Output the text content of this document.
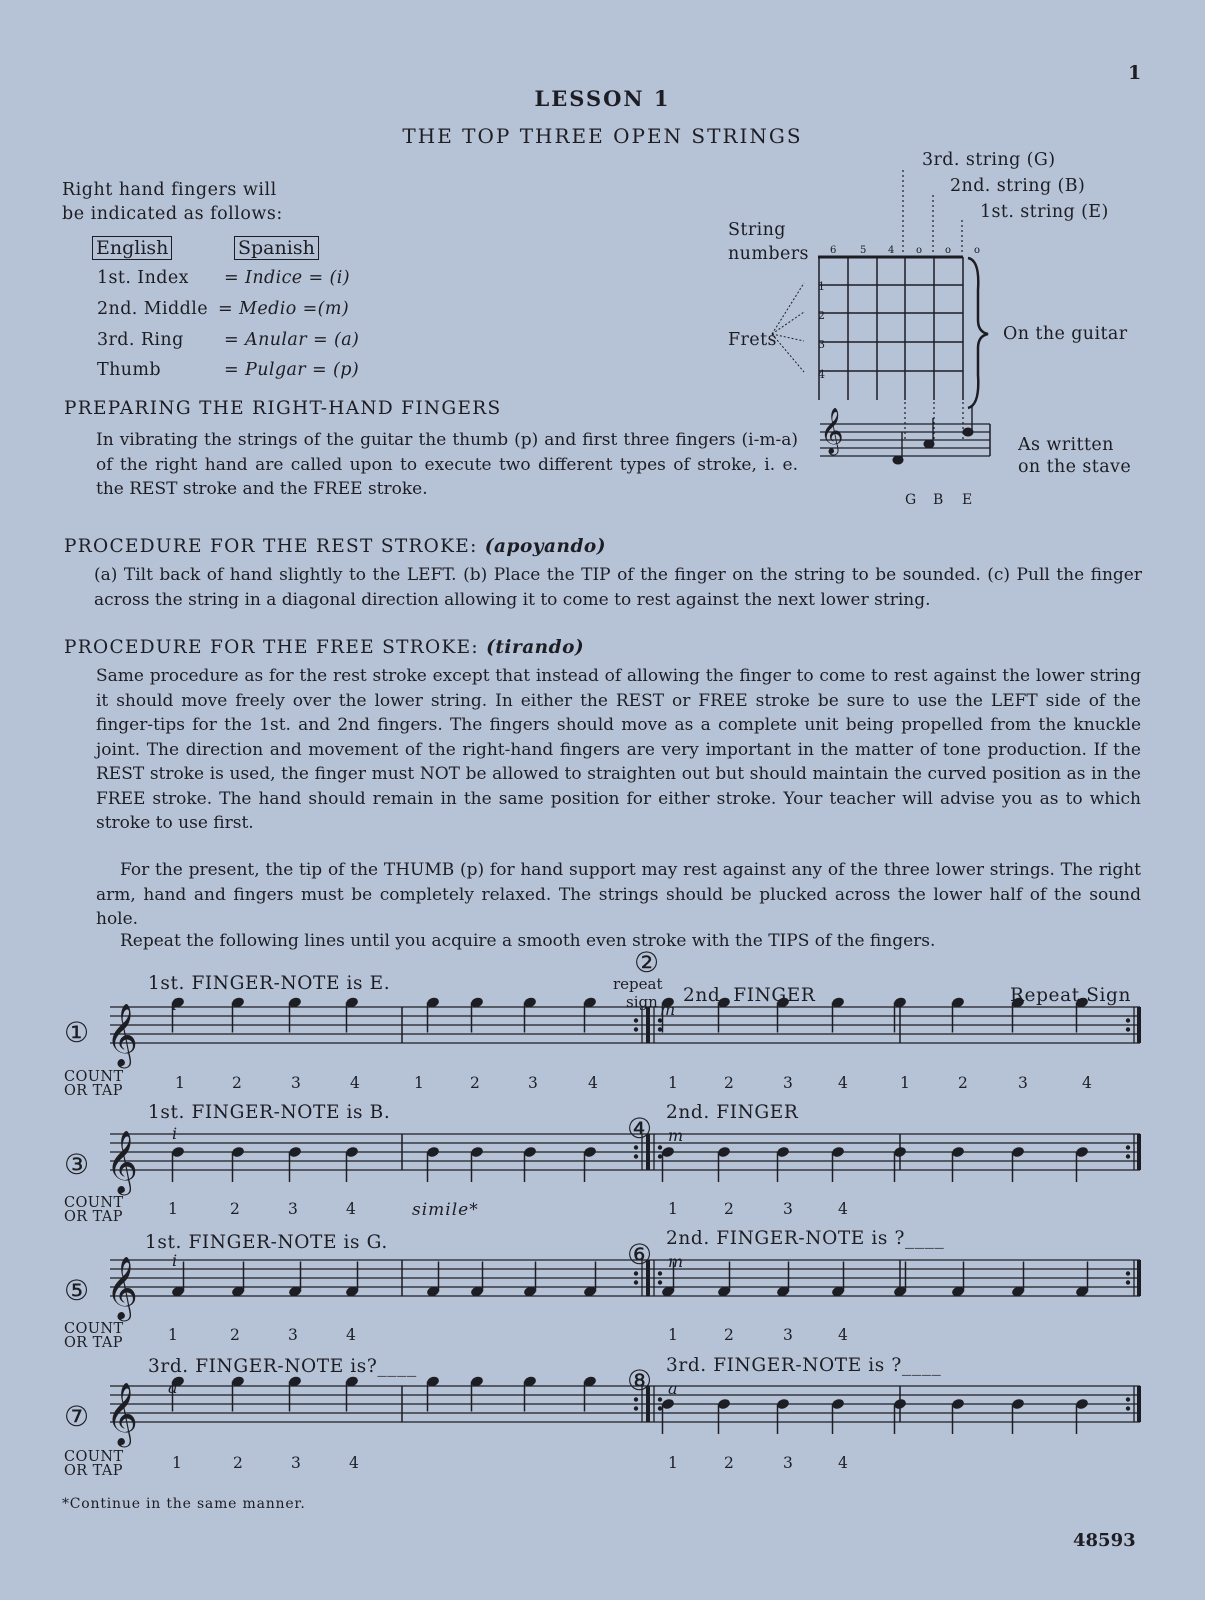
1
LESSON 1
THE TOP THREE OPEN STRINGS
Right hand fingers will
be indicated as follows:
English	Spanish
1st. Index = Indice = (i)
2nd. Middle = Medio =(m)
3rd. Ring = Anular = (a)
Thumb	= Pulgar = (p)
𝄞
3rd. string (G)
2nd. string (B)
1st. string (E)
String
numbers 6 5 4 o o o
Frets
1
2
3
4
On the guitar
As written
on the stave
G B E
PREPARING THE RIGHT-HAND FINGERS
In vibrating the strings of the guitar the thumb (p) and first three fingers (i-m-a) of the right hand are called upon to execute two different types of stroke, i. e. the REST stroke and the FREE stroke.
PROCEDURE FOR THE REST STROKE: (apoyando)
(a) Tilt back of hand slightly to the LEFT. (b) Place the TIP of the finger on the string to be sounded. (c) Pull the finger across the string in a diagonal direction allowing it to come to rest against the next lower string.
PROCEDURE FOR THE FREE STROKE: (tirando)
Same procedure as for the rest stroke except that instead of allowing the finger to come to rest against the lower string it should move freely over the lower string. In either the REST or FREE stroke be sure to use the LEFT side of the finger-tips for the 1st. and 2nd fingers. The fingers should move as a complete unit being propelled from the knuckle joint. The direction and movement of the right-hand fingers are very important in the matter of tone production. If the REST stroke is used, the finger must NOT be allowed to straighten out but should maintain the curved position as in the FREE stroke. The hand should remain in the same position for either stroke. Your teacher will advise you as to which stroke to use first.
For the present, the tip of the THUMB (p) for hand support may rest against any of the three lower strings. The right arm, hand and fingers must be completely relaxed. The strings should be plucked across the lower half of the sound hole.
Repeat the following lines until you acquire a smooth even stroke with the TIPS of the fingers.
𝄞
𝄞
𝄞
𝄞
①
1st. FINGER-NOTE is E.
i
②
repeat
sign m
2nd. FINGER	Repeat Sign
③
1st. FINGER-NOTE is B.
i	④ 2nd. FINGER
m
simile*
⑤
1st. FINGER-NOTE is G.
i	⑥ 2nd. FINGER-NOTE is ?____
m
⑦
3rd. FINGER-NOTE is?____
a	⑧ 3rd. FINGER-NOTE is ?____
a
COUNT
OR TAP
COUNT
OR TAP
COUNT
OR TAP
COUNT
OR TAP
1	2	3	4	1	2	3	4	1	2	3	4	1	2	3	4
1	2	3	4	1	2	3	4
1	2	3	4	1	2	3	4
1	2	3	4	1	2	3	4
*Continue in the same manner.
48593
